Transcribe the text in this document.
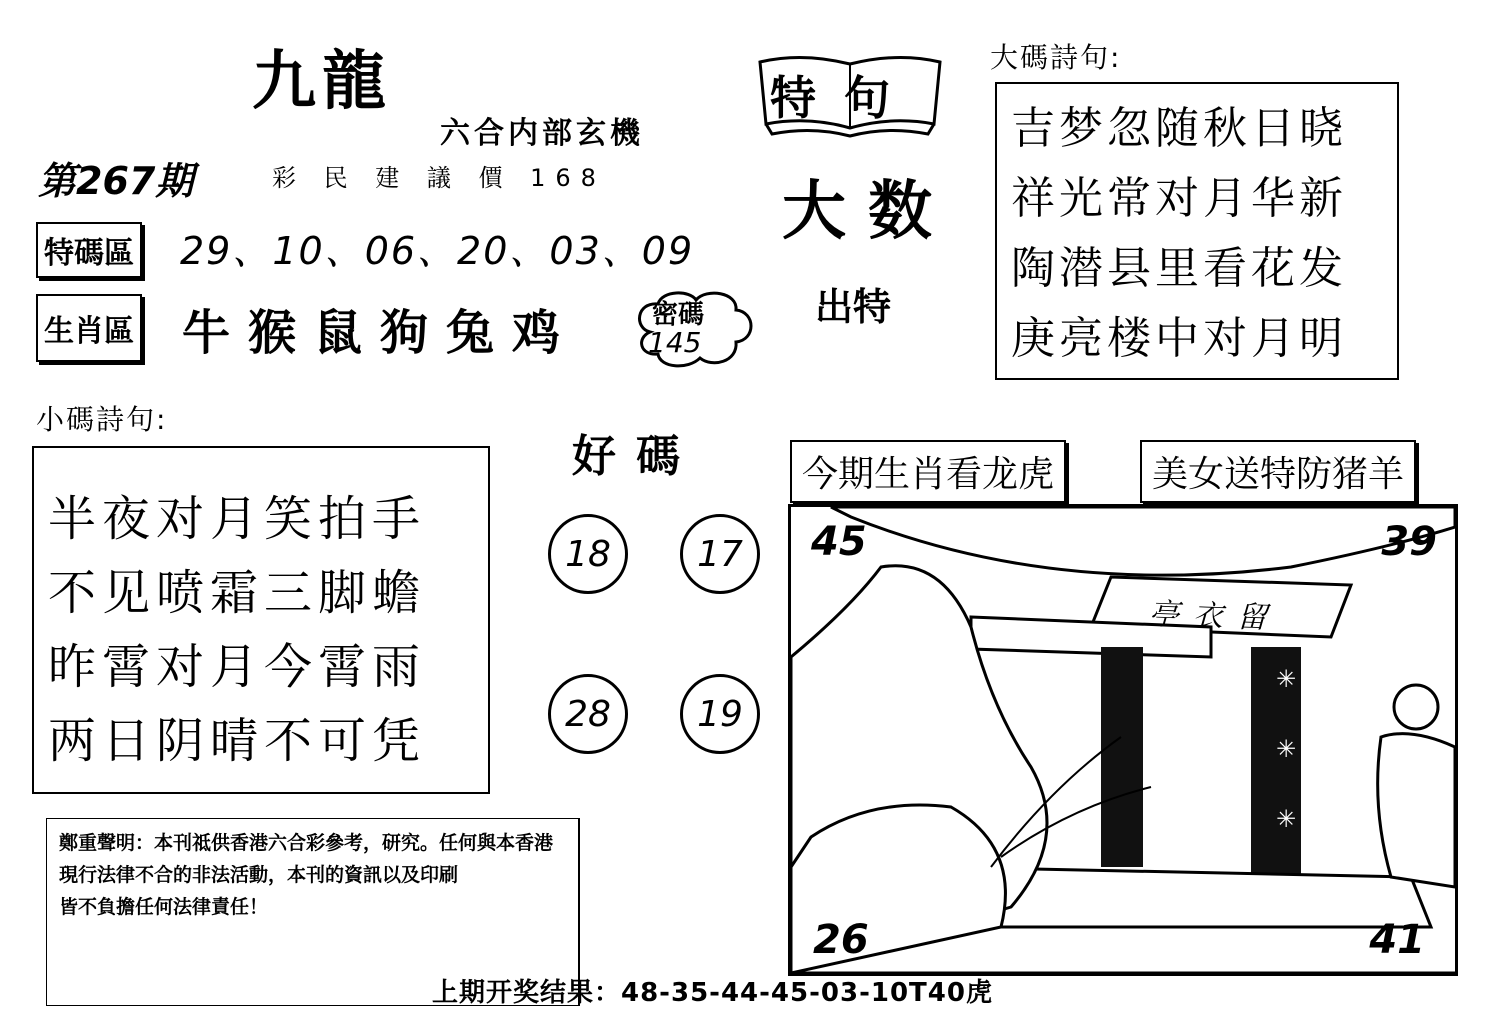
九龍
六合内部玄機
第267期	彩 民 建 議 價 168
特碼區 29、10、06、20、03、09
生肖區 牛猴鼠狗兔鸡	密碼
145
特句
大数
出特
大碼詩句:
吉梦忽随秋日晓
祥光常对月华新
陶潜县里看花发
庚亮楼中对月明
小碼詩句:
半夜对月笑拍手
不见喷霜三脚蟾
昨霄对月今霄雨
两日阴晴不可凭
好碼
18	17
28	19
今期生肖看龙虎	美女送特防猪羊
✳
✳
✳
亭衣留
45	39
26	41
鄭重聲明：本刊祗供香港六合彩參考，研究。任何與本香港
現行法律不合的非法活動，本刊的資訊以及印刷
皆不負擔任何法律責任！
上期开奖结果：48-35-44-45-03-10T40虎
